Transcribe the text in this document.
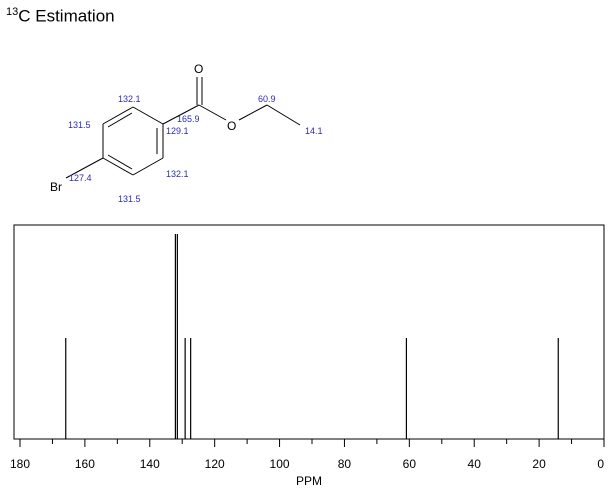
$^{13}$C Estimation
O
O
Br
132.1
131.5
165.9
129.1
60.9
14.1
127.4	132.1
131.5
180	160	140	120	100	80	60	40	20	0
PPM
